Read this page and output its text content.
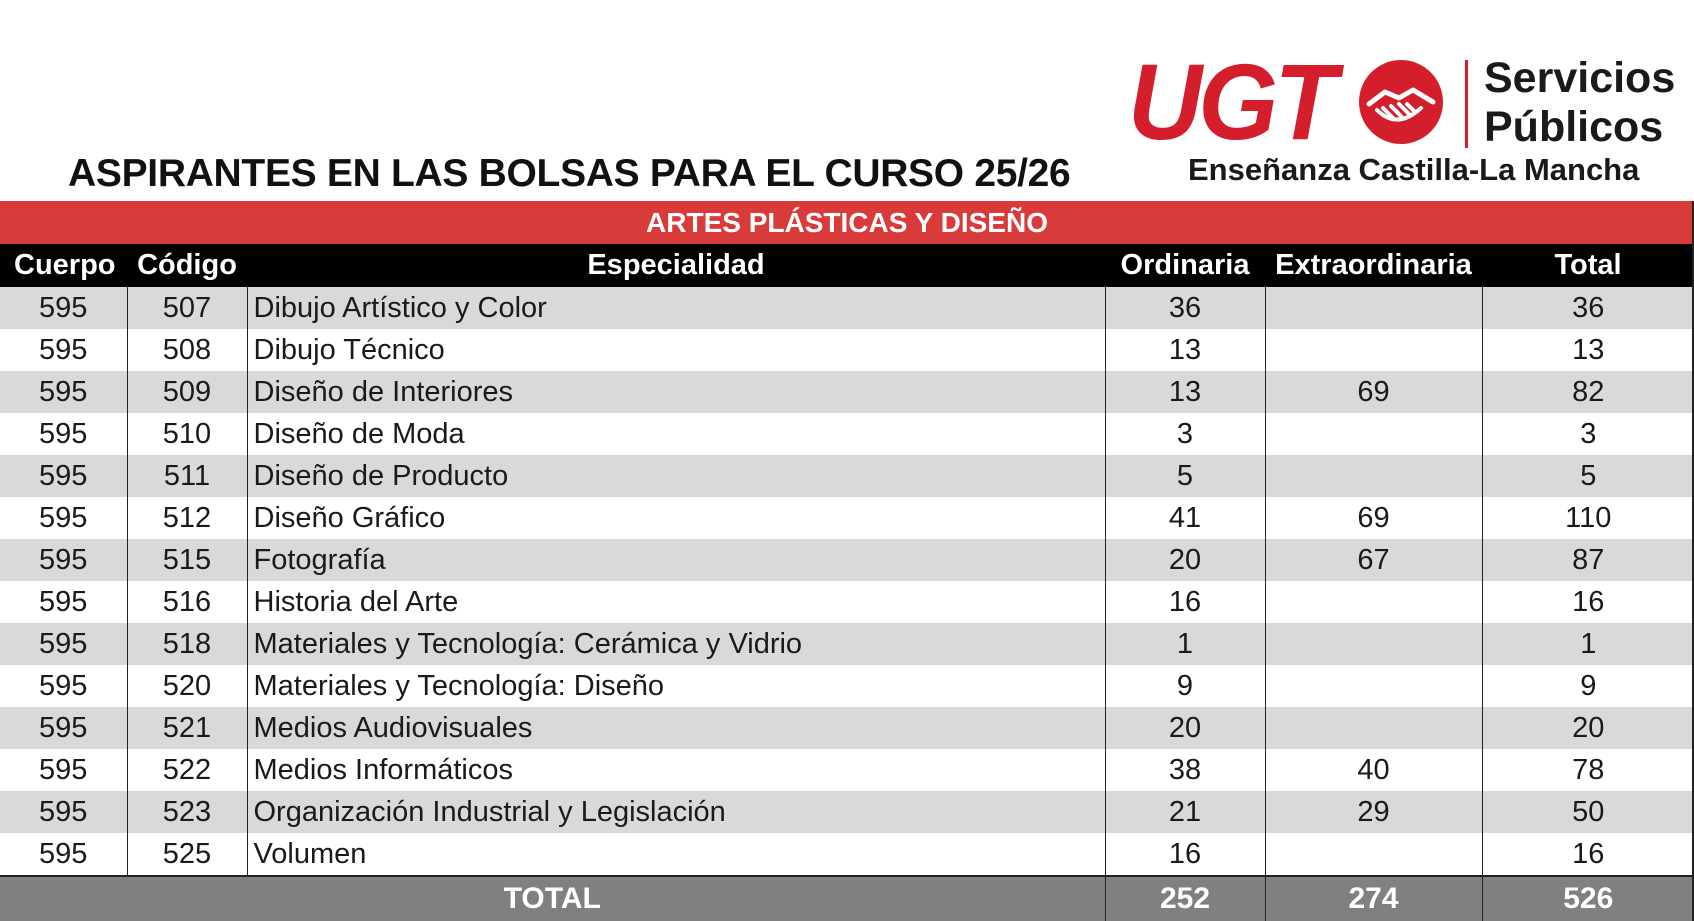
ASPIRANTES EN LAS BOLSAS PARA EL CURSO 25/26
UGT	Servicios
Públicos
Enseñanza Castilla-La Mancha
ARTES PLÁSTICAS Y DISEÑO					
Cuerpo	Código	Especialidad	Ordinaria	Extraordinaria	Total
595	507	Dibujo Artístico y Color	36		36
595	508	Dibujo Técnico	13		13
595	509	Diseño de Interiores	13	69	82
595	510	Diseño de Moda	3		3
595	511	Diseño de Producto	5		5
595	512	Diseño Gráfico	41	69	110
595	515	Fotografía	20	67	87
595	516	Historia del Arte	16		16
595	518	Materiales y Tecnología: Cerámica y Vidrio	1		1
595	520	Materiales y Tecnología: Diseño	9		9
595	521	Medios Audiovisuales	20		20
595	522	Medios Informáticos	38	40	78
595	523	Organización Industrial y Legislación	21	29	50
595	525	Volumen	16		16
TOTAL			252	274	526
